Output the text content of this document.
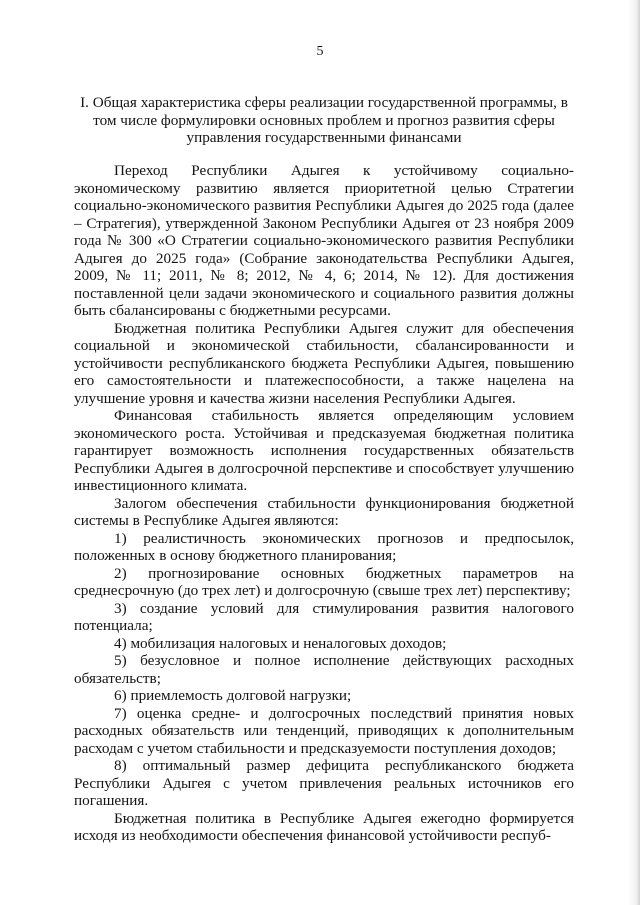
5
I. Общая характеристика сферы реализации государственной программы, в
том числе формулировки основных проблем и прогноз развития сферы
управления государственными финансами

Переход Республики Адыгея к устойчивому социально-экономическому развитию является приоритетной целью Стратегии социально-экономического развития Республики Адыгея до 2025 года (далее – Стратегия), утвержденной Законом Республики Адыгея от 23 ноября 2009 года № 300 «О Стратегии социально-экономического развития Республики Адыгея до 2025 года» (Собрание законодательства Республики Адыгея, 2009, № 11; 2011, № 8; 2012, № 4, 6; 2014, № 12). Для достижения поставленной цели задачи экономического и социального развития должны быть сбалансированы с бюджетными ресурсами.

Бюджетная политика Республики Адыгея служит для обеспечения социальной и экономической стабильности, сбалансированности и устойчивости республиканского бюджета Республики Адыгея, повышению его самостоятельности и платежеспособности, а также нацелена на улучшение уровня и качества жизни населения Республики Адыгея.

Финансовая стабильность является определяющим условием экономического роста. Устойчивая и предсказуемая бюджетная политика гарантирует возможность исполнения государственных обязательств Республики Адыгея в долгосрочной перспективе и способствует улучшению инвестиционного климата.

Залогом обеспечения стабильности функционирования бюджетной системы в Республике Адыгея являются:

1) реалистичность экономических прогнозов и предпосылок, положенных в основу бюджетного планирования;

2) прогнозирование основных бюджетных параметров на среднесрочную (до трех лет) и долгосрочную (свыше трех лет) перспективу;

3) создание условий для стимулирования развития налогового потенциала;

4) мобилизация налоговых и неналоговых доходов;

5) безусловное и полное исполнение действующих расходных обязательств;

6) приемлемость долговой нагрузки;

7) оценка средне- и долгосрочных последствий принятия новых расходных обязательств или тенденций, приводящих к дополнительным расходам с учетом стабильности и предсказуемости поступления доходов;

8) оптимальный размер дефицита республиканского бюджета Республики Адыгея с учетом привлечения реальных источников его погашения.

Бюджетная политика в Республике Адыгея ежегодно формируется исходя из необходимости обеспечения финансовой устойчивости респуб-
